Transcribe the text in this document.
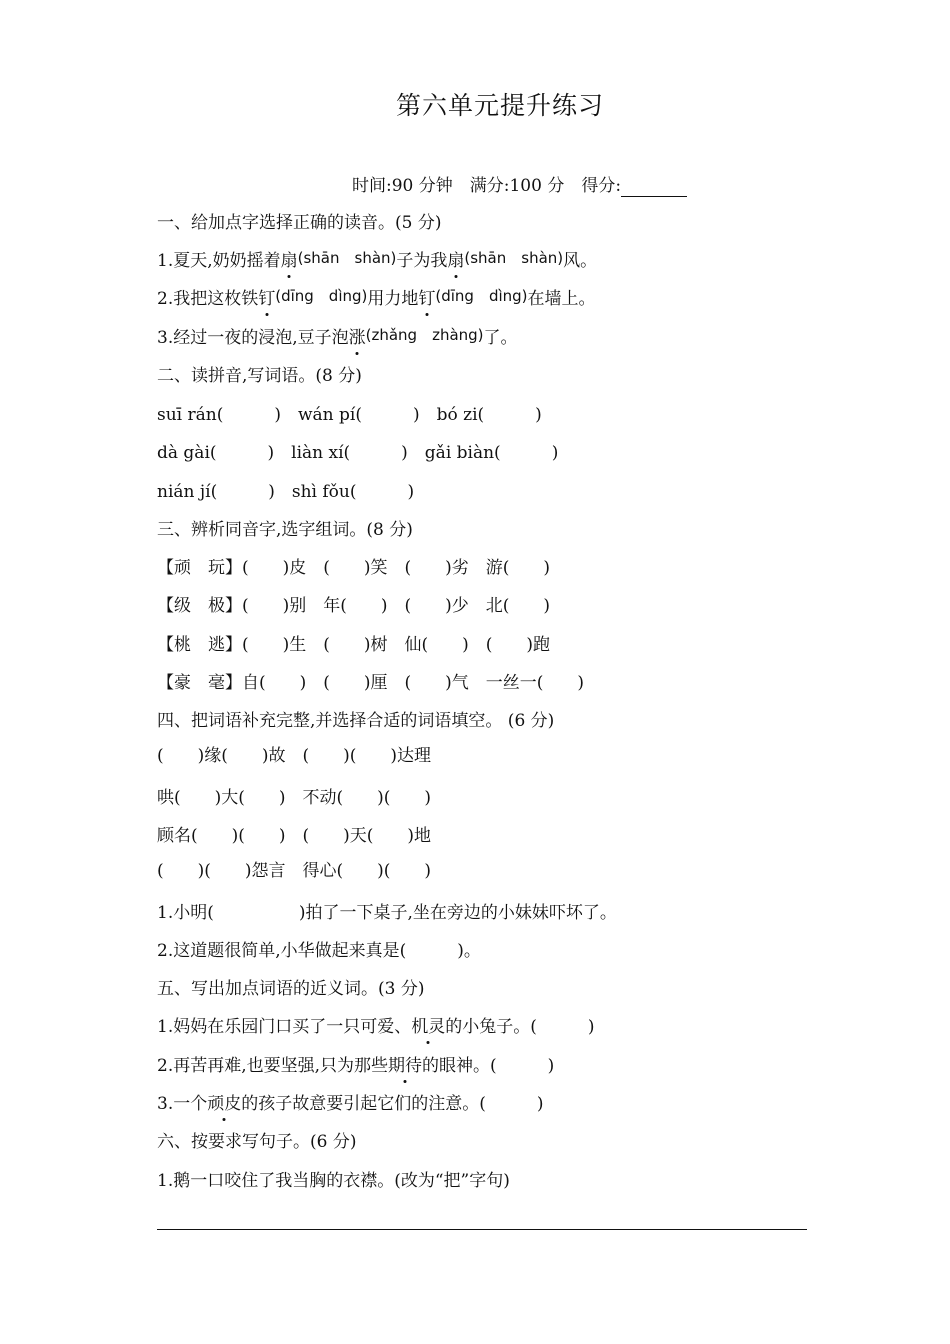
第六单元提升练习
时间:90 分钟　 满分:100 分　 得分:
一、给加点字选择正确的读音。(5 分)
1.夏天,奶奶摇着扇(shān　shàn)子为我扇(shān　shàn)风。
2.我把这枚铁钉(dīng　dìng)用力地钉(dīng　dìng)在墙上。
3.经过一夜的浸泡,豆子泡涨(zhǎng　zhàng)了。
二、读拼音,写词语。(8 分)
suī rán(　　　)　 wán pí(　　　)　 bó zi(　　　)
dà gài(　　　)　 liàn xí(　　　)　 gǎi biàn(　　　)
nián jí(　　　)　 shì fǒu(　　　)
三、辨析同音字,选字组词。(8 分)
【顽　玩】(　　)皮　(　　)笑　(　　)劣　游(　　)
【级　极】(　　)别　年(　　)　(　　)少　北(　　)
【桃　逃】(　　)生　(　　)树　仙(　　)　(　　)跑
【豪　毫】自(　　)　(　　)厘　(　　)气　一丝一(　　)
四、把词语补充完整,并选择合适的词语填空。 (6 分)
(　　)缘(　　)故　(　　)(　　)达理
哄(　　)大(　　)　不动(　　)(　　)
顾名(　　)(　　)　(　　)天(　　)地
(　　)(　　)怨言　得心(　　)(　　)
1.小明(　　　　　)拍了一下桌子,坐在旁边的小妹妹吓坏了。
2.这道题很简单,小华做起来真是(　　　)。
五、写出加点词语的近义词。(3 分)
1.妈妈在乐园门口买了一只可爱、机灵的小兔子。(　　　)
2.再苦再难,也要坚强,只为那些期待的眼神。(　　　)
3.一个顽皮的孩子故意要引起它们的注意。(　　　)
六、按要求写句子。(6 分)
1.鹅一口咬住了我当胸的衣襟。(改为“把”字句)
